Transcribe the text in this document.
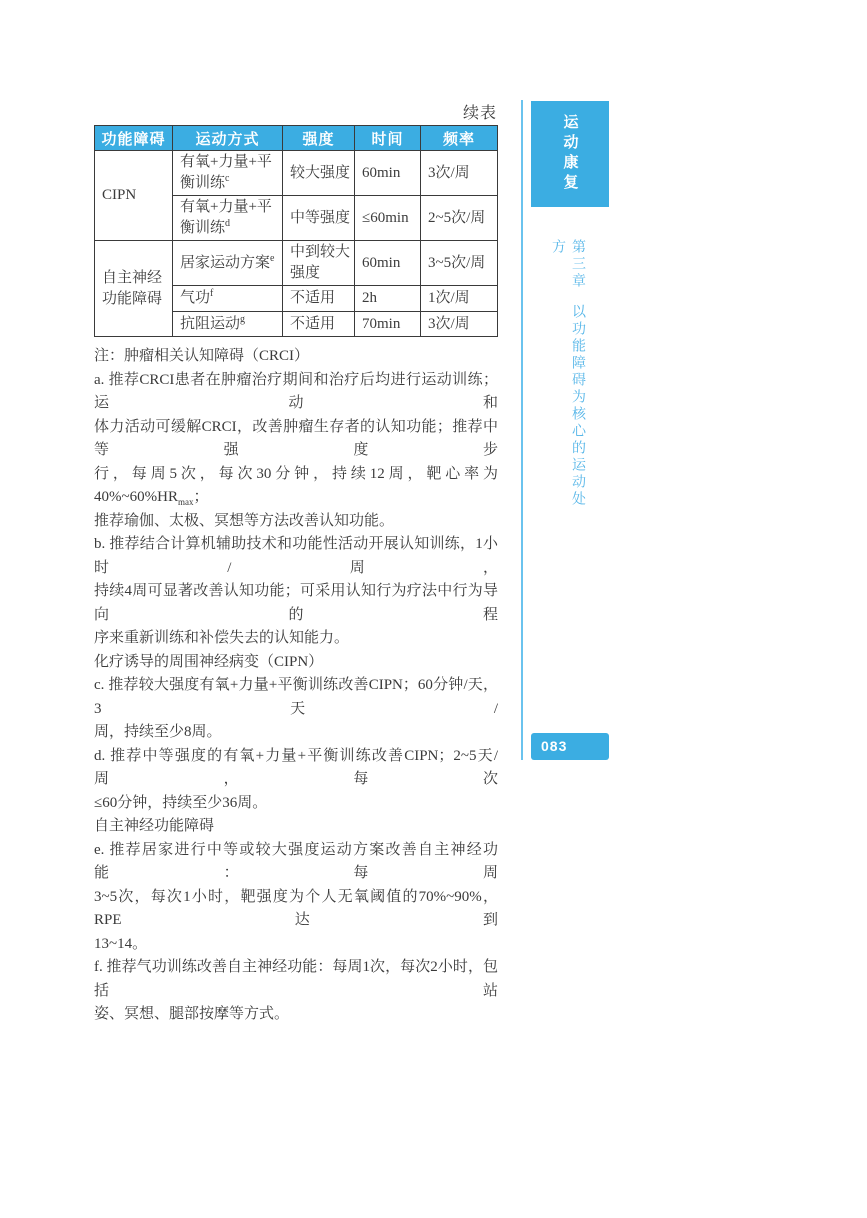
续表
功能障碍	运动方式	强度	时间	频率
CIPN	有氧+力量+平衡训练$^c$	较大强度	60min	3次/周
	有氧+力量+平衡训练$^d$	中等强度	≤60min	2~5次/周
自主神经功能障碍	居家运动方案$^e$	中到较大强度	60min	3~5次/周
	气功$^f$	不适用	2h	1次/周
	抗阻运动$^g$	不适用	70min	3次/周
注：肿瘤相关认知障碍（CRCI）
a. 推荐CRCI患者在肿瘤治疗期间和治疗后均进行运动训练；运动和
体力活动可缓解CRCI，改善肿瘤生存者的认知功能；推荐中等强度步
行，每周5次，每次30分钟，持续12周，靶心率为$40\%\sim 60\%HR_{max}$；
推荐瑜伽、太极、冥想等方法改善认知功能。
b. 推荐结合计算机辅助技术和功能性活动开展认知训练，1小时/周，
持续4周可显著改善认知功能；可采用认知行为疗法中行为导向的程
序来重新训练和补偿失去的认知能力。
化疗诱导的周围神经病变（CIPN）
c. 推荐较大强度有氧+力量+平衡训练改善CIPN；60分钟/天，3天/
周，持续至少8周。
d. 推荐中等强度的有氧+力量+平衡训练改善CIPN；2~5天/周，每次
≤60分钟，持续至少36周。
自主神经功能障碍
e. 推荐居家进行中等或较大强度运动方案改善自主神经功能：每周
3~5次，每次1小时，靶强度为个人无氧阈值的70%~90%，RPE达到
13~14。
f. 推荐气功训练改善自主神经功能：每周1次，每次2小时，包括站
姿、冥想、腿部按摩等方式。
运动康复
第三章以功能障碍为核心的运动处方
083
